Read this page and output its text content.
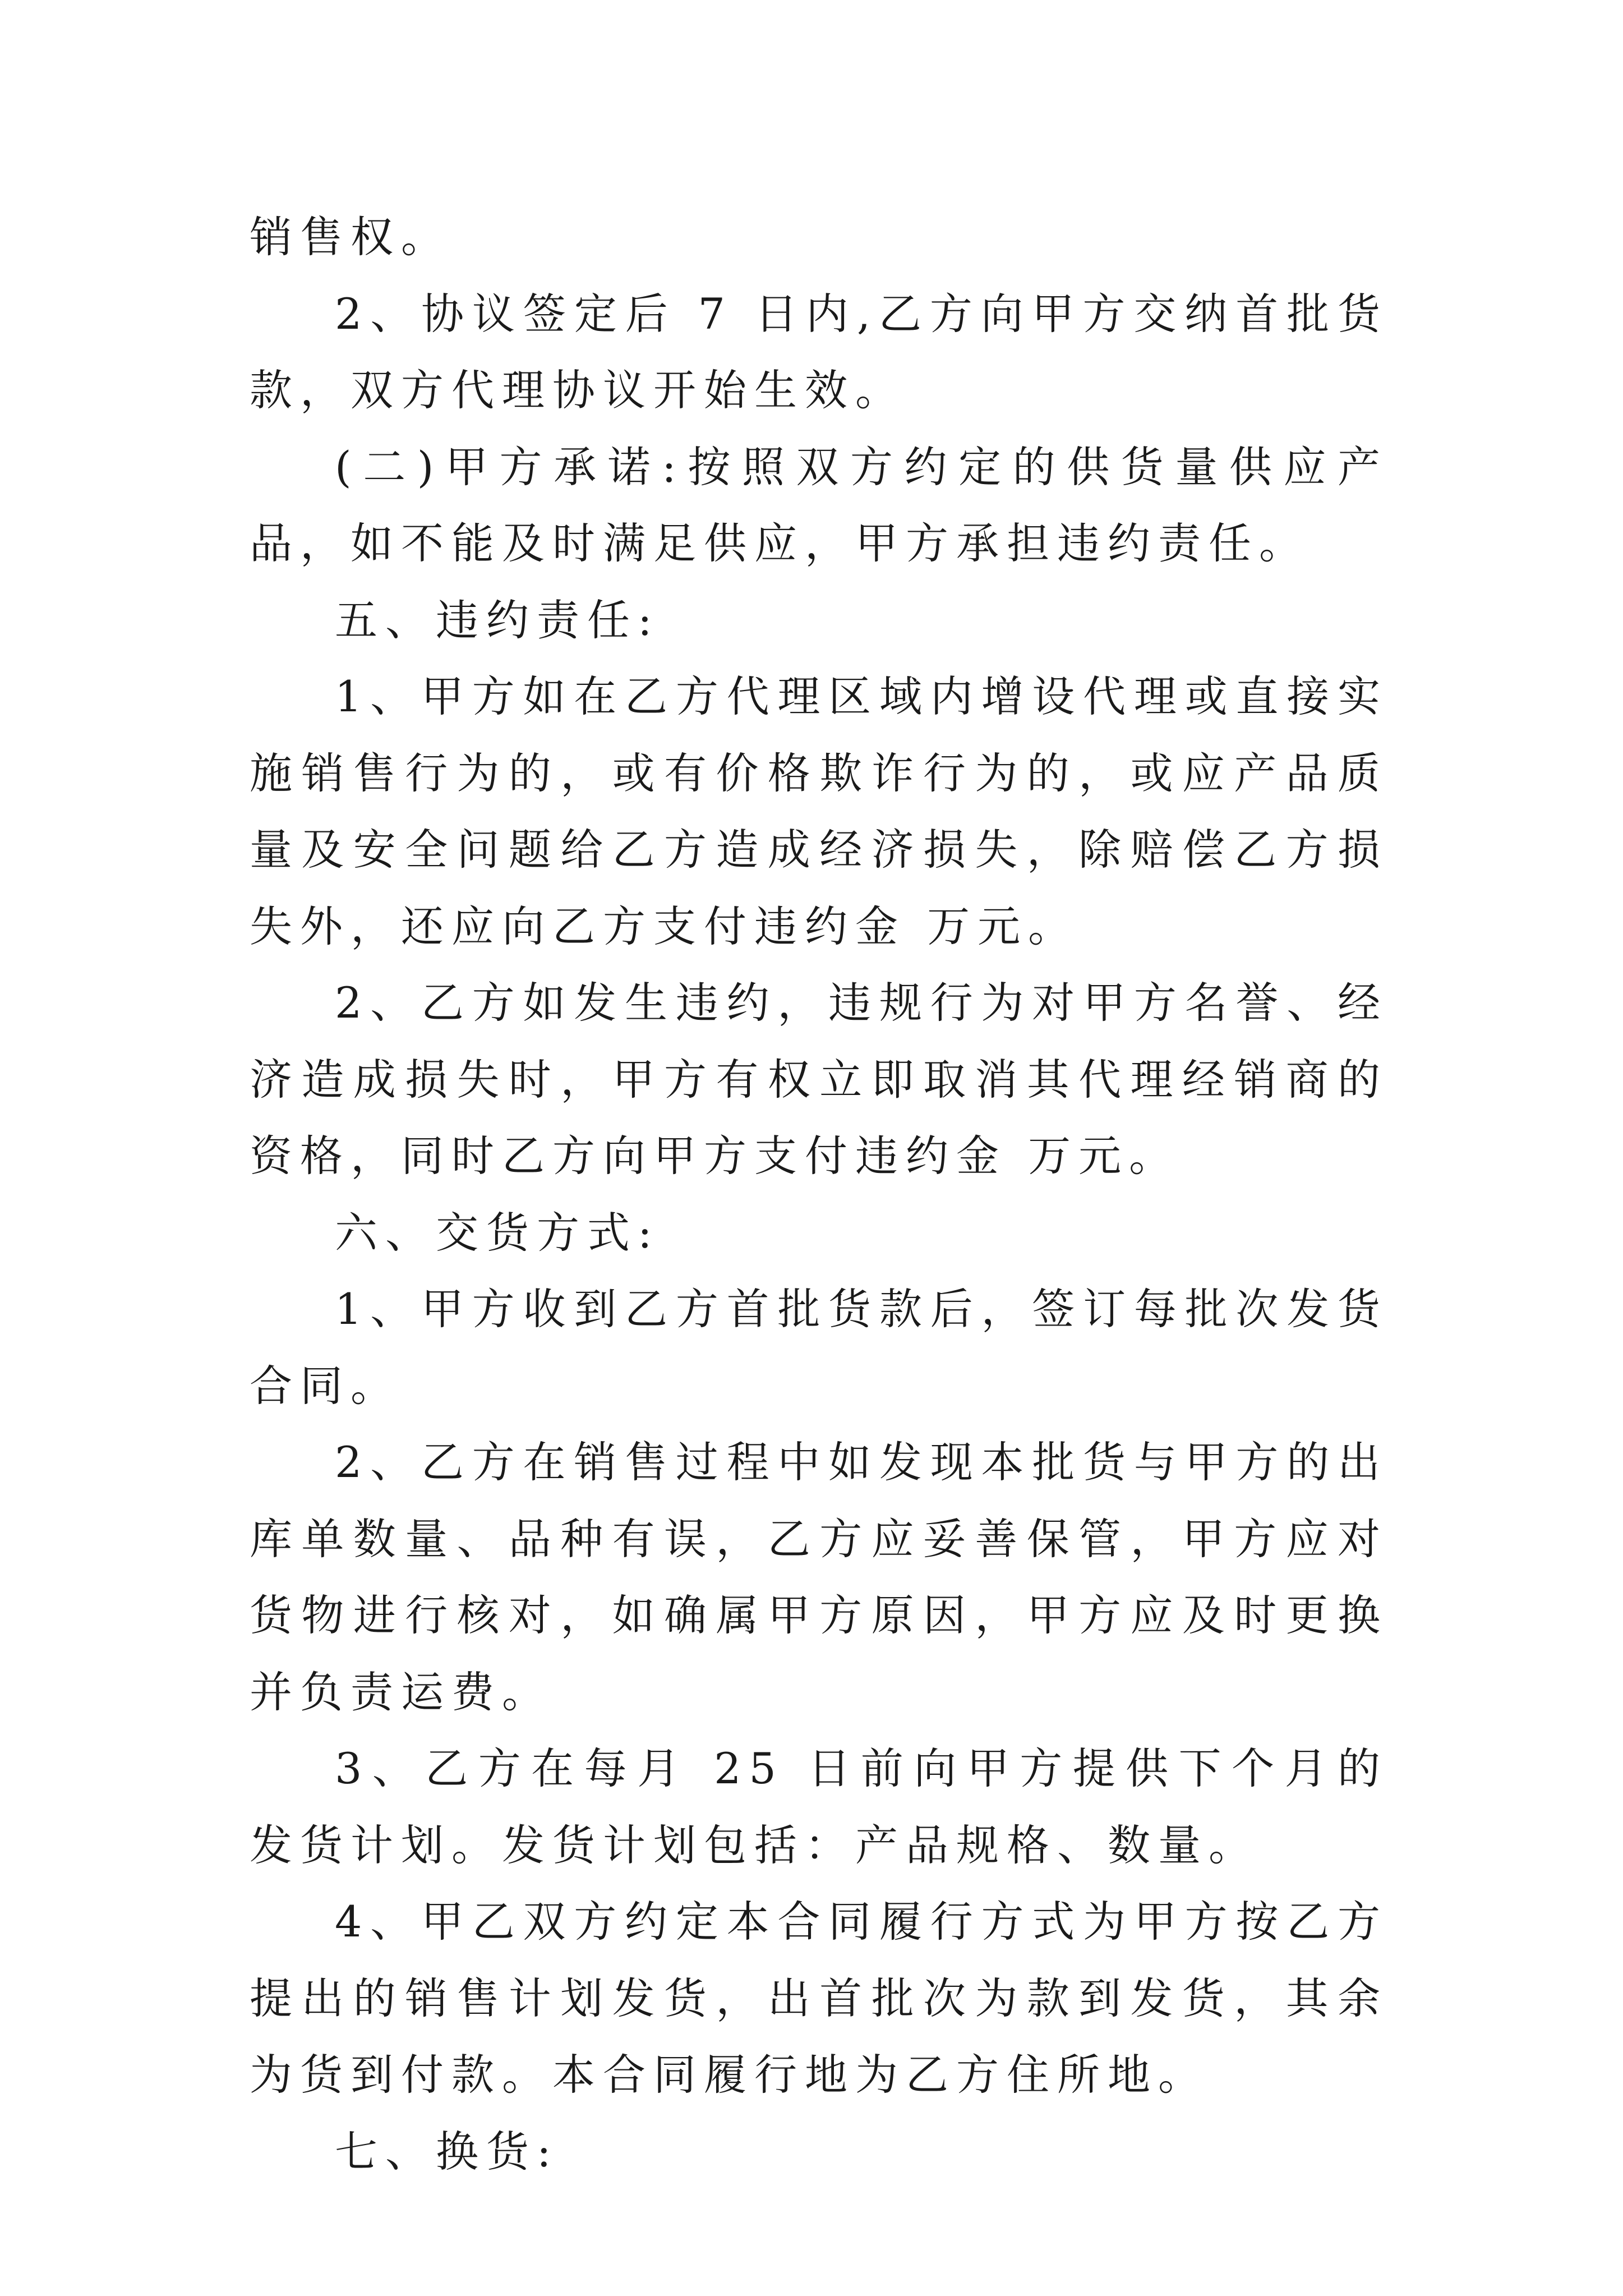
销售权。

2、协议签定后 7 日内,乙方向甲方交纳首批货款，双方代理协议开始生效。

(二)甲方承诺:按照双方约定的供货量供应产品，如不能及时满足供应，甲方承担违约责任。

五、违约责任:

1、甲方如在乙方代理区域内增设代理或直接实施销售行为的，或有价格欺诈行为的，或应产品质量及安全问题给乙方造成经济损失，除赔偿乙方损失外，还应向乙方支付违约金 万元。

2、乙方如发生违约，违规行为对甲方名誉、经济造成损失时，甲方有权立即取消其代理经销商的资格，同时乙方向甲方支付违约金 万元。

六、交货方式:

1、甲方收到乙方首批货款后，签订每批次发货合同。

2、乙方在销售过程中如发现本批货与甲方的出库单数量、品种有误，乙方应妥善保管，甲方应对货物进行核对，如确属甲方原因，甲方应及时更换并负责运费。

3、乙方在每月 25 日前向甲方提供下个月的发货计划。发货计划包括：产品规格、数量。

4、甲乙双方约定本合同履行方式为甲方按乙方提出的销售计划发货，出首批次为款到发货，其余为货到付款。本合同履行地为乙方住所地。

七、换货:
